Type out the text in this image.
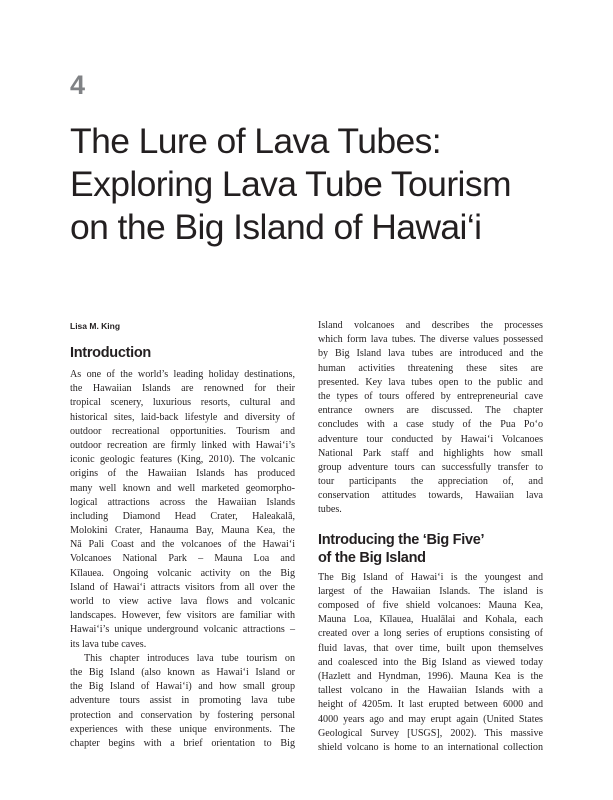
4
The Lure of Lava Tubes:
Exploring Lava Tube Tourism
on the Big Island of Hawai‘i
Lisa M. King
Introduction
As one of the world’s leading holiday destinations,
the Hawaiian Islands are renowned for their
tropical scenery, luxurious resorts, cultural and
historical sites, laid-back lifestyle and diversity of
outdoor recreational opportunities. Tourism and
outdoor recreation are firmly linked with Hawai‘i’s
iconic geologic features (King, 2010). The volcanic
origins of the Hawaiian Islands has produced
many well known and well marketed geomorpho-
logical attractions across the Hawaiian Islands
including Diamond Head Crater, Haleakalā,
Molokini Crater, Hanauma Bay, Mauna Kea, the
Nā Pali Coast and the volcanoes of the Hawai‘i
Volcanoes National Park – Mauna Loa and
Kīlauea. Ongoing volcanic activity on the Big
Island of Hawai‘i attracts visitors from all over the
world to view active lava flows and volcanic
landscapes. However, few visitors are familiar with
Hawai‘i’s unique underground volcanic attractions –
its lava tube caves.
This chapter introduces lava tube tourism on
the Big Island (also known as Hawai‘i Island or
the Big Island of Hawai‘i) and how small group
adventure tours assist in promoting lava tube
protection and conservation by fostering personal
experiences with these unique environments. The
chapter begins with a brief orientation to Big
Island volcanoes and describes the processes
which form lava tubes. The diverse values possessed
by Big Island lava tubes are introduced and the
human activities threatening these sites are
presented. Key lava tubes open to the public and
the types of tours offered by entrepreneurial cave
entrance owners are discussed. The chapter
concludes with a case study of the Pua Po‘o
adventure tour conducted by Hawai‘i Volcanoes
National Park staff and highlights how small
group adventure tours can successfully transfer to
tour participants the appreciation of, and
conservation attitudes towards, Hawaiian lava
tubes.
Introducing the ‘Big Five’
of the Big Island
The Big Island of Hawai‘i is the youngest and
largest of the Hawaiian Islands. The island is
composed of five shield volcanoes: Mauna Kea,
Mauna Loa, Kīlauea, Hualālai and Kohala, each
created over a long series of eruptions consisting of
fluid lavas, that over time, built upon themselves
and coalesced into the Big Island as viewed today
(Hazlett and Hyndman, 1996). Mauna Kea is the
tallest volcano in the Hawaiian Islands with a
height of 4205m. It last erupted between 6000 and
4000 years ago and may erupt again (United States
Geological Survey [USGS], 2002). This massive
shield volcano is home to an international collection
